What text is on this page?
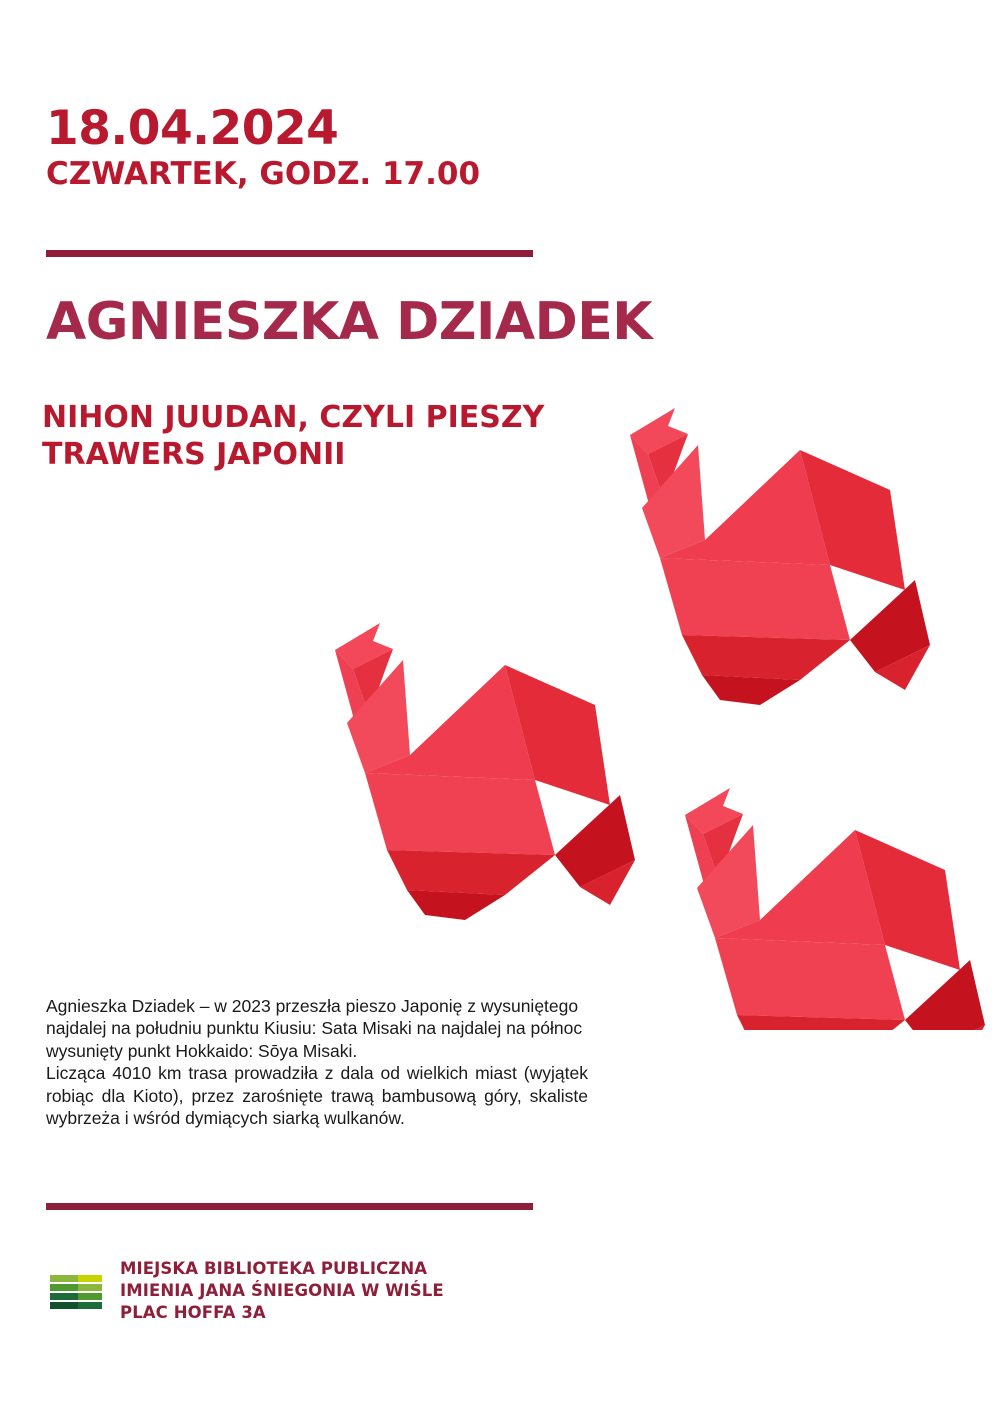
18.04.2024
CZWARTEK, GODZ. 17.00
AGNIESZKA DZIADEK
NIHON JUUDAN, CZYLI PIESZY TRAWERS JAPONII

Agnieszka Dziadek – w 2023 przeszła pieszo Japonię z wysuniętego najdalej na południu punktu Kiusiu: Sata Misaki na najdalej na północ wysunięty punkt Hokkaido: Sōya Misaki.

Licząca 4010 km trasa prowadziła z dala od wielkich miast (wyjątek robiąc dla Kioto), przez zarośnięte trawą bambusową góry, skaliste wybrzeża i wśród dymiących siarką wulkanów.

MIEJSKA BIBLIOTEKA PUBLICZNA
IMIENIA JANA ŚNIEGONIA W WIŚLE
PLAC HOFFA 3A
